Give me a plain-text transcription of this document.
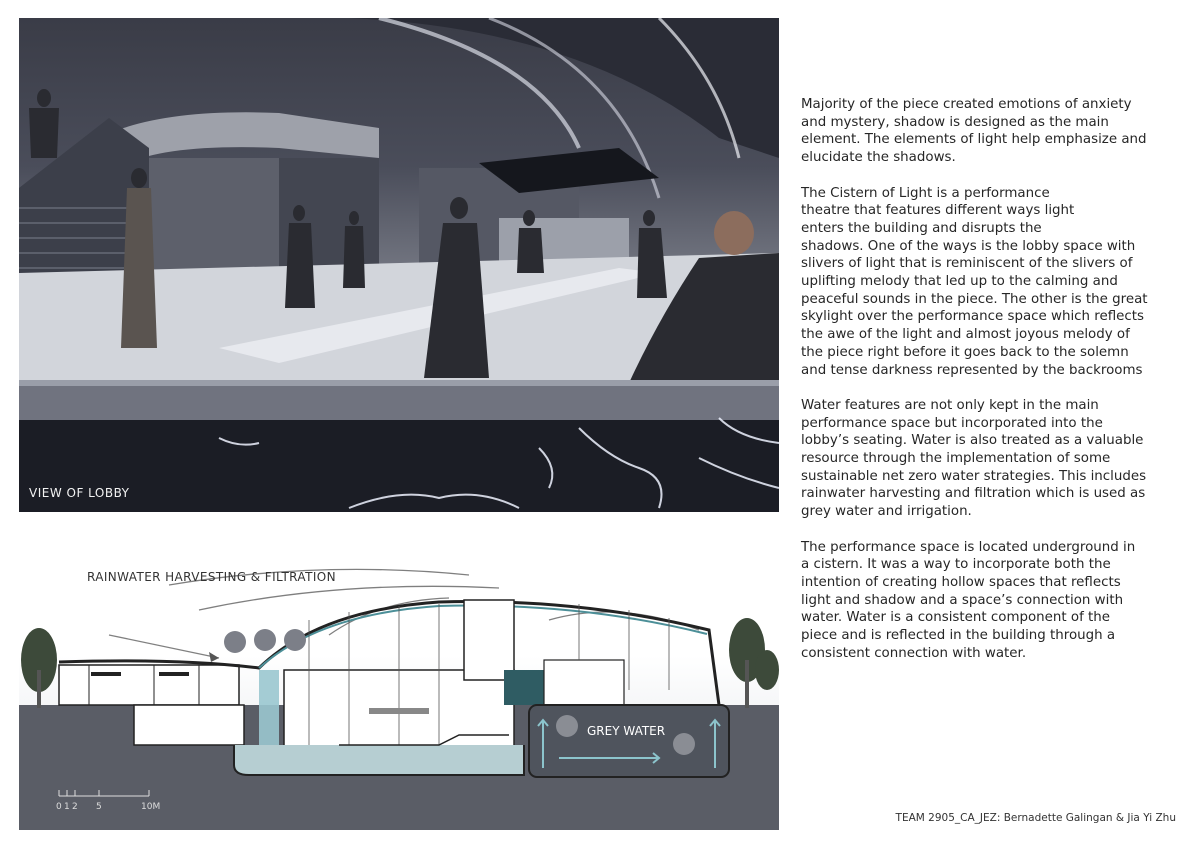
VIEW OF LOBBY
RAINWATER HARVESTING & FILTRATION
GREY WATER
0 1 2 5	10M

Majority of the piece created emotions of anxiety
and mystery, shadow is designed as the main
element. The elements of light help emphasize and
elucidate the shadows.

The Cistern of Light is a performance
theatre that features different ways light
enters the building and disrupts the
shadows. One of the ways is the lobby space with
slivers of light that is reminiscent of the slivers of
uplifting melody that led up to the calming and
peaceful sounds in the piece. The other is the great
skylight over the performance space which reflects
the awe of the light and almost joyous melody of
the piece right before it goes back to the solemn
and tense darkness represented by the backrooms

Water features are not only kept in the main
performance space but incorporated into the
lobby’s seating. Water is also treated as a valuable
resource through the implementation of some
sustainable net zero water strategies. This includes
rainwater harvesting and filtration which is used as
grey water and irrigation.

The performance space is located underground in
a cistern. It was a way to incorporate both the
intention of creating hollow spaces that reflects
light and shadow and a space’s connection with
water. Water is a consistent component of the
piece and is reflected in the building through a
consistent connection with water.

TEAM 2905_CA_JEZ: Bernadette Galingan & Jia Yi Zhu
